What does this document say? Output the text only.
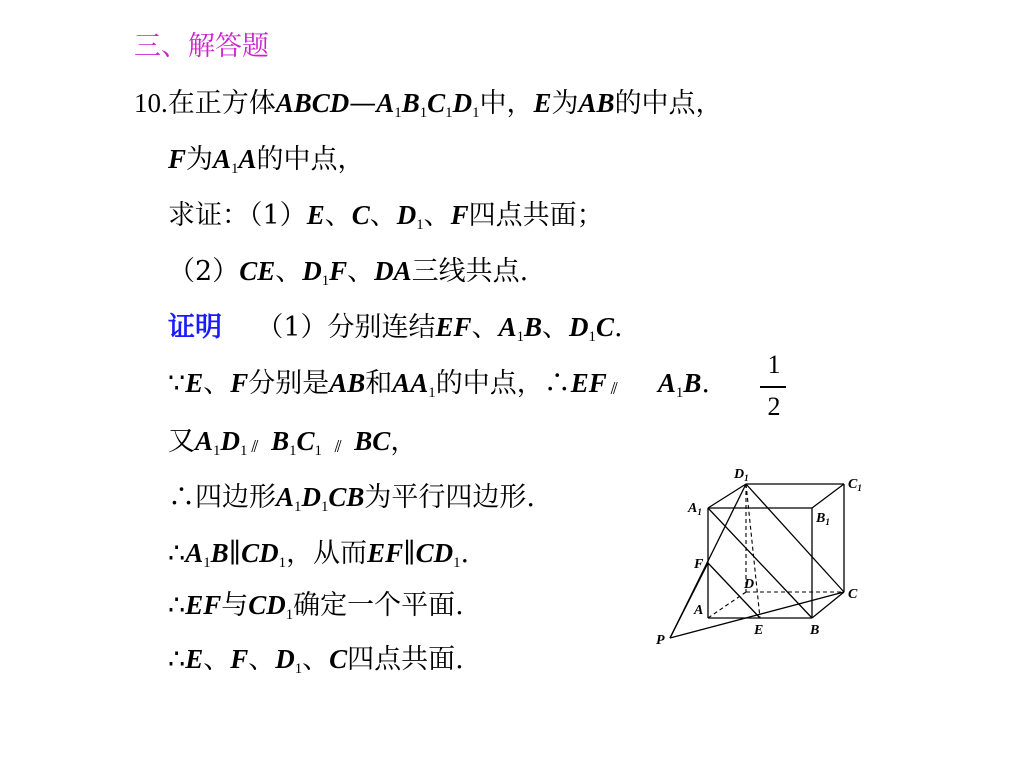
三、解答题
10.在正方体$ABCD—A_1B_1C_1D_1$中，E为AB的中点，
F为$A_1A$的中点，
求证：（1）E、C、$D_1$、F四点共面；
（2）CE、$D_1F$、DA三线共点.
证明 （1）分别连结EF、$A_1B$、$D_1C$.
∵E、F分别是AB和$AA_1$的中点，∴EF ⫽ $A_1B$.
1
2
又$A_1D_1$ ⫽ $B_1C_1$ ⫽ BC，
∴四边形$A_1D_1CB$为平行四边形.
$\therefore A_1B\parallel CD_1$，从而$EF\parallel CD_1$.
∴EF与$CD_1$确定一个平面.
∴E、F、$D_1$、C四点共面.
$D_1$	$C_1$
$A_1$	$B_1$
F
D
C
A
E	B
P
